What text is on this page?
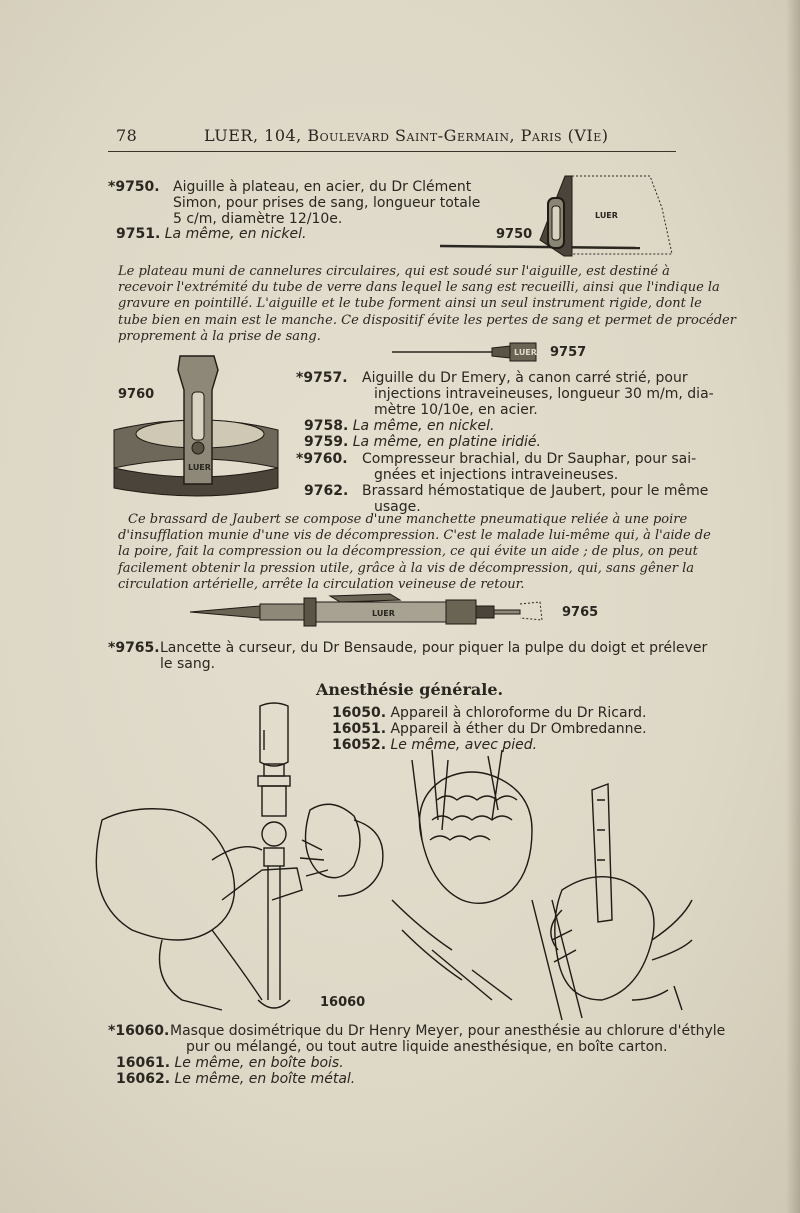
78	LUER, 104, Boulevard Saint-Germain, Paris (VIe)
*9750. Aiguille à plateau, en acier, du Dr Clément
Simon, pour prises de sang, longueur totale
5 c/m, diamètre 12/10e.
9751. La même, en nickel.
LUER
9750
Le plateau muni de cannelures circulaires, qui est soudé sur l'aiguille, est destiné à
recevoir l'extrémité du tube de verre dans lequel le sang est recueilli, ainsi que l'indique la
gravure en pointillé. L'aiguille et le tube forment ainsi un seul instrument rigide, dont le
tube bien en main est le manche. Ce dispositif évite les pertes de sang et permet de procéder
proprement à la prise de sang.
LUER 9757
9760
LUER
*9757. Aiguille du Dr Emery, à canon carré strié, pour
injections intraveineuses, longueur 30 m/m, dia-
mètre 10/10e, en acier.
9758. La même, en nickel.
9759. La même, en platine iridié.
*9760. Compresseur brachial, du Dr Sauphar, pour sai-
gnées et injections intraveineuses.
9762. Brassard hémostatique de Jaubert, pour le même
usage.
Ce brassard de Jaubert se compose d'une manchette pneumatique reliée à une poire
d'insufflation munie d'une vis de décompression. C'est le malade lui-même qui, à l'aide de
la poire, fait la compression ou la décompression, ce qui évite un aide ; de plus, on peut
facilement obtenir la pression utile, grâce à la vis de décompression, qui, sans gêner la
circulation artérielle, arrête la circulation veineuse de retour.
LUER	9765
*9765. Lancette à curseur, du Dr Bensaude, pour piquer la pulpe du doigt et prélever
le sang.
Anesthésie générale.
16050. Appareil à chloroforme du Dr Ricard.
16051. Appareil à éther du Dr Ombredanne.
16052. Le même, avec pied.
16060
*16060. Masque dosimétrique du Dr Henry Meyer, pour anesthésie au chlorure d'éthyle
pur ou mélangé, ou tout autre liquide anesthésique, en boîte carton.
16061. Le même, en boîte bois.
16062. Le même, en boîte métal.
